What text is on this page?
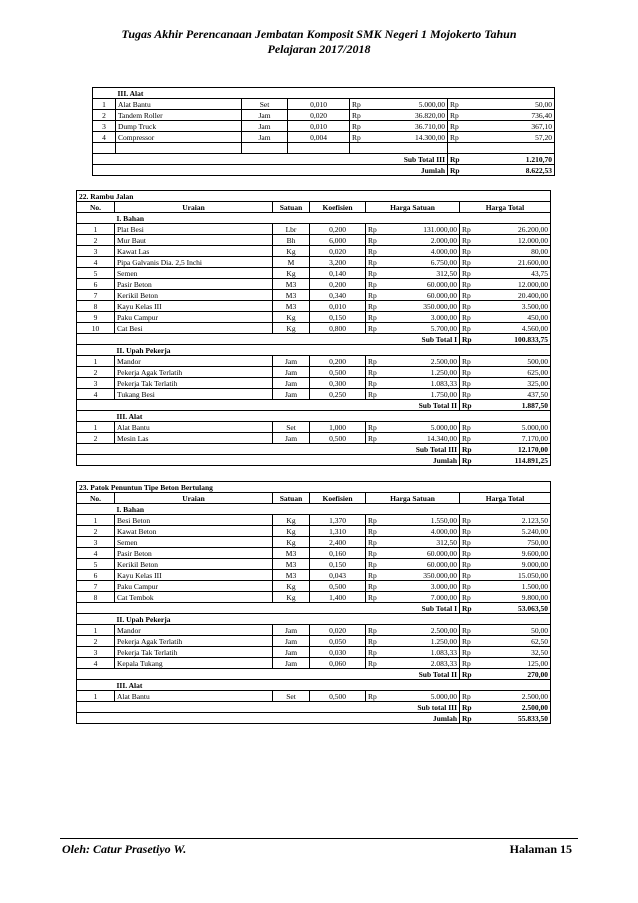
Tugas Akhir Perencanaan Jembatan Komposit SMK Negeri 1 Mojokerto Tahun
Pelajaran 2017/2018
	III. Alat						
1	Alat Bantu	Set	0,010	Rp	5.000,00	Rp	50,00
2	Tandem Roller	Jam	0,020	Rp	36.820,00	Rp	736,40
3	Dump Truck	Jam	0,010	Rp	36.710,00	Rp	367,10
4	Compressor	Jam	0,004	Rp	14.300,00	Rp	57,20

				Sub Total III		Rp	1.210,70
				Jumlah		Rp	8.622,53
22. Rambu Jalan							
No.	Uraian	Satuan	Koefisien	Harga Satuan		Harga Total	
	I. Bahan						
1	Plat Besi	Lbr	0,200	Rp	131.000,00	Rp	26.200,00
2	Mur Baut	Bh	6,000	Rp	2.000,00	Rp	12.000,00
3	Kawat Las	Kg	0,020	Rp	4.000,00	Rp	80,00
4	Pipa Galvanis Dia. 2,5 Inchi	M	3,200	Rp	6.750,00	Rp	21.600,00
5	Semen	Kg	0,140	Rp	312,50	Rp	43,75
6	Pasir Beton	M3	0,200	Rp	60.000,00	Rp	12.000,00
7	Kerikil Beton	M3	0,340	Rp	60.000,00	Rp	20.400,00
8	Kayu Kelas III	M3	0,010	Rp	350.000,00	Rp	3.500,00
9	Paku Campur	Kg	0,150	Rp	3.000,00	Rp	450,00
10	Cat Besi	Kg	0,800	Rp	5.700,00	Rp	4.560,00
				Sub Total I		Rp	100.833,75
	II. Upah Pekerja						
1	Mandor	Jam	0,200	Rp	2.500,00	Rp	500,00
2	Pekerja Agak Terlatih	Jam	0,500	Rp	1.250,00	Rp	625,00
3	Pekerja Tak Terlatih	Jam	0,300	Rp	1.083,33	Rp	325,00
4	Tukang Besi	Jam	0,250	Rp	1.750,00	Rp	437,50
				Sub Total II		Rp	1.887,50
	III. Alat						
1	Alat Bantu	Set	1,000	Rp	5.000,00	Rp	5.000,00
2	Mesin Las	Jam	0,500	Rp	14.340,00	Rp	7.170,00
				Sub Total III		Rp	12.170,00
				Jumlah		Rp	114.891,25
23. Patok Penuntun Tipe Beton Bertulang							
No.	Uraian	Satuan	Koefisien	Harga Satuan		Harga Total	
	I. Bahan						
1	Besi Beton	Kg	1,370	Rp	1.550,00	Rp	2.123,50
2	Kawat Beton	Kg	1,310	Rp	4.000,00	Rp	5.240,00
3	Semen	Kg	2,400	Rp	312,50	Rp	750,00
4	Pasir Beton	M3	0,160	Rp	60.000,00	Rp	9.600,00
5	Kerikil Beton	M3	0,150	Rp	60.000,00	Rp	9.000,00
6	Kayu Kelas III	M3	0,043	Rp	350.000,00	Rp	15.050,00
7	Paku Campur	Kg	0,500	Rp	3.000,00	Rp	1.500,00
8	Cat Tembok	Kg	1,400	Rp	7.000,00	Rp	9.800,00
				Sub Total I		Rp	53.063,50
	II. Upah Pekerja						
1	Mandor	Jam	0,020	Rp	2.500,00	Rp	50,00
2	Pekerja Agak Terlatih	Jam	0,050	Rp	1.250,00	Rp	62,50
3	Pekerja Tak Terlatih	Jam	0,030	Rp	1.083,33	Rp	32,50
4	Kepala Tukang	Jam	0,060	Rp	2.083,33	Rp	125,00
				Sub Total II		Rp	270,00
	III. Alat						
1	Alat Bantu	Set	0,500	Rp	5.000,00	Rp	2.500,00
				Sub total III		Rp	2.500,00
				Jumlah		Rp	55.833,50
Oleh: Catur Prasetiyo W.	Halaman 15
